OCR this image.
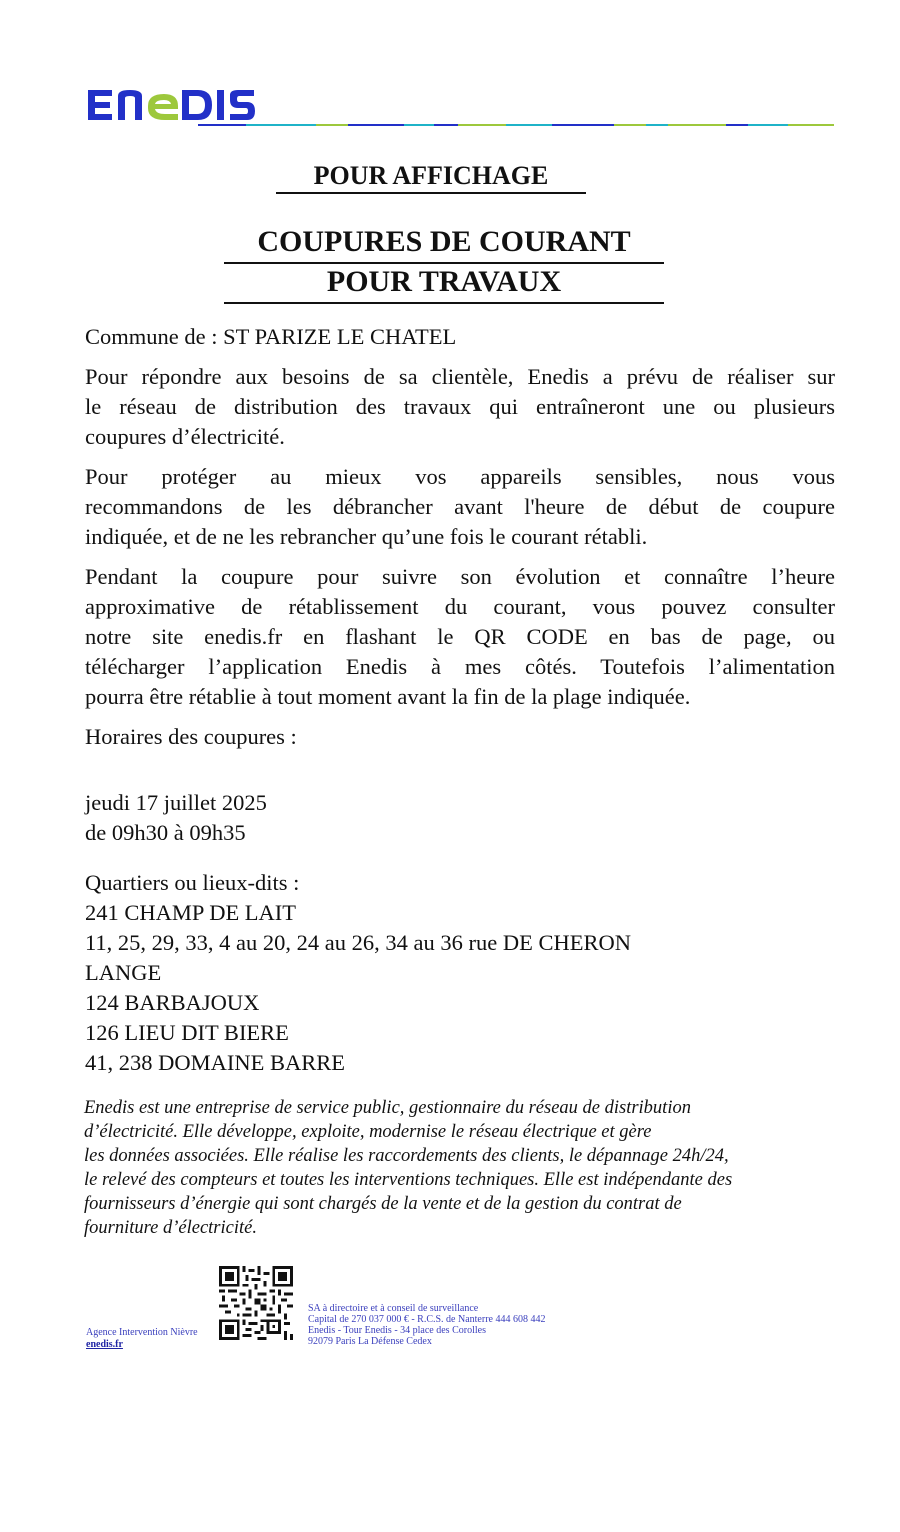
POUR AFFICHAGE
COUPURES DE COURANT
POUR TRAVAUX
Commune de : ST PARIZE LE CHATEL

Pour répondre aux besoins de sa clientèle, Enedis a prévu de réaliser sur

le réseau de distribution des travaux qui entraîneront une ou plusieurs

coupures d’électricité.

Pour protéger au mieux vos appareils sensibles, nous vous

recommandons de les débrancher avant l'heure de début de coupure

indiquée, et de ne les rebrancher qu’une fois le courant rétabli.

Pendant la coupure pour suivre son évolution et connaître l’heure

approximative de rétablissement du courant, vous pouvez consulter

notre site enedis.fr en flashant le QR CODE en bas de page, ou

télécharger l’application Enedis à mes côtés. Toutefois l’alimentation

pourra être rétablie à tout moment avant la fin de la plage indiquée.

Horaires des coupures :

jeudi 17 juillet 2025

de 09h30 à 09h35

Quartiers ou lieux-dits :

241 CHAMP DE LAIT

11, 25, 29, 33, 4 au 20, 24 au 26, 34 au 36 rue DE CHERON

LANGE

124 BARBAJOUX

126 LIEU DIT BIERE

41, 238 DOMAINE BARRE

Enedis est une entreprise de service public, gestionnaire du réseau de distribution

d’électricité. Elle développe, exploite, modernise le réseau électrique et gère

les données associées. Elle réalise les raccordements des clients, le dépannage 24h/24,

le relevé des compteurs et toutes les interventions techniques. Elle est indépendante des

fournisseurs d’énergie qui sont chargés de la vente et de la gestion du contrat de

fourniture d’électricité.

Agence Intervention Nièvre
enedis.fr
SA à directoire et à conseil de surveillance
Capital de 270 037 000 € - R.C.S. de Nanterre 444 608 442
Enedis - Tour Enedis - 34 place des Corolles
92079 Paris La Défense Cedex
